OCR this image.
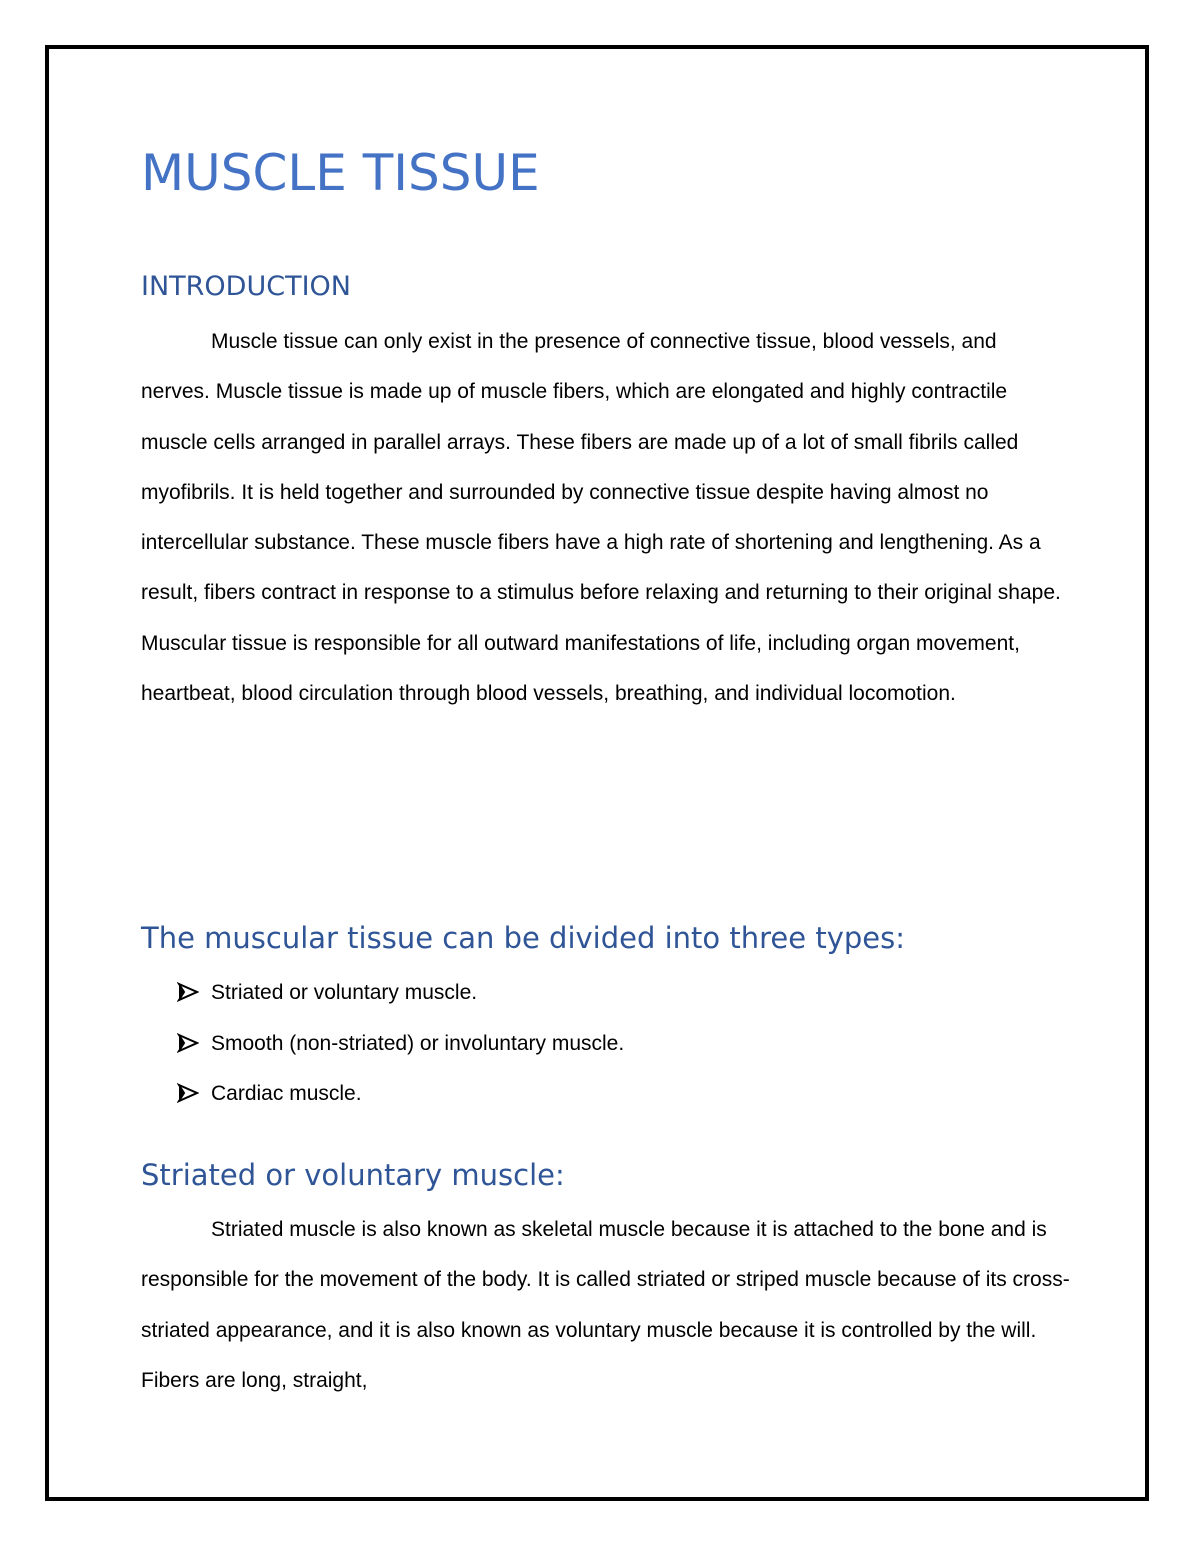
MUSCLE TISSUE
INTRODUCTION

Muscle tissue can only exist in the presence of connective tissue, blood vessels, and nerves. Muscle tissue is made up of muscle fibers, which are elongated and highly contractile muscle cells arranged in parallel arrays. These fibers are made up of a lot of small fibrils called myofibrils. It is held together and surrounded by connective tissue despite having almost no intercellular substance. These muscle fibers have a high rate of shortening and lengthening. As a result, fibers contract in response to a stimulus before relaxing and returning to their original shape. Muscular tissue is responsible for all outward manifestations of life, including organ movement, heartbeat, blood circulation through blood vessels, breathing, and individual locomotion.

The muscular tissue can be divided into three types:
Striated or voluntary muscle.
Smooth (non-striated) or involuntary muscle.
Cardiac muscle.
Striated or voluntary muscle:

Striated muscle is also known as skeletal muscle because it is attached to the bone and is responsible for the movement of the body. It is called striated or striped muscle because of its cross-striated appearance, and it is also known as voluntary muscle because it is controlled by the will. Fibers are long, straight,
